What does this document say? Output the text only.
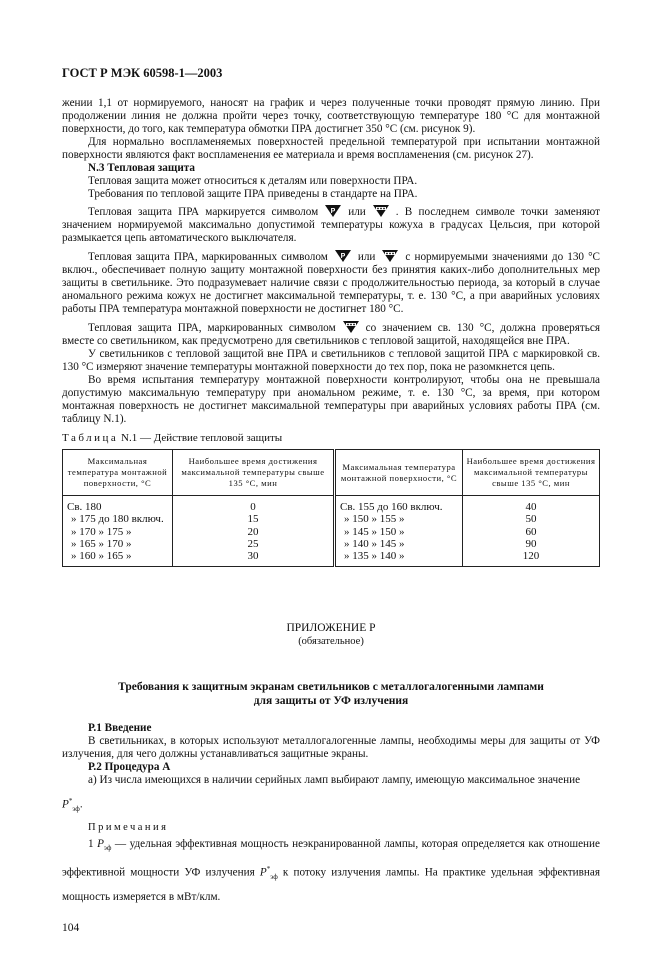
ГОСТ Р МЭК 60598-1—2003

жении 1,1 от нормируемого, наносят на график и через полученные точки проводят прямую линию. При продолжении линия не должна пройти через точку, соответствующую температуре 180 °С для монтажной поверхности, до того, как температура обмотки ПРА достигнет 350 °С (см. рисунок 9).

Для нормально воспламеняемых поверхностей предельной температурой при испытании монтажной поверхности являются факт воспламенения ее материала и время воспламенения (см. рисунок 27).

N.3 Тепловая защита

Тепловая защита может относиться к деталям или поверхности ПРА.

Требования по тепловой защите ПРА приведены в стандарте на ПРА.

Тепловая защита ПРА маркируется символом	или	. В последнем символе точки заменяют значением нормируемой максимально допустимой температуры кожуха в градусах Цельсия, при которой размыкается цепь автоматического выключателя.

Тепловая защита ПРА, маркированных символом	или	с нормируемыми значениями до 130 °С включ., обеспечивает полную защиту монтажной поверхности без принятия каких-либо дополнительных мер защиты в светильнике. Это подразумевает наличие связи с продолжительностью периода, за который в случае аномального режима кожух не достигнет максимальной температуры, т. е. 130 °С, а при аварийных условиях работы ПРА температура монтажной поверхности не достигнет 180 °С.

Тепловая защита ПРА, маркированных символом	со значением св. 130 °С, должна проверяться вместе со светильником, как предусмотрено для светильников с тепловой защитой, находящейся вне ПРА.

У светильников с тепловой защитой вне ПРА и светильников с тепловой защитой ПРА с маркировкой св. 130 °С измеряют значение температуры монтажной поверхности до тех пор, пока не разомкнется цепь.

Во время испытания температуру монтажной поверхности контролируют, чтобы она не превышала допустимую максимальную температуру при аномальном режиме, т. е. 130 °С, за время, при котором монтажная поверхность не достигнет максимальной температуры при аварийных условиях работы ПРА (см. таблицу N.1).

Таблица N.1 — Действие тепловой защиты
Максимальная температура монтажной поверхности, °С	Наибольшее время достижения максимальной температуры свыше 135 °С, мин	Максимальная температура монтажной поверхности, °С	Наибольшее время достижения максимальной температуры свыше 135 °С, мин
Св. 180	0	Св. 155 до 160 включ.	40
» 175 до 180 включ.	15	» 150 » 155 »	50
» 170 » 175 »	20	» 145 » 150 »	60
» 165 » 170 »	25	» 140 » 145 »	90
» 160 » 165 »	30	» 135 » 140 »	120
ПРИЛОЖЕНИЕ Р
(обязательное)
Требования к защитным экранам светильников с металлогалогенными лампами
для защиты от УФ излучения

Р.1 Введение

В светильниках, в которых используют металлогалогенные лампы, необходимы меры для защиты от УФ излучения, для чего должны устанавливаться защитные экраны.

Р.2 Процедура А

а) Из числа имеющихся в наличии серийных ламп выбирают лампу, имеющую максимальное значение

$P^*_{эф}$.

Примечания

1 $P_{эф}$ — удельная эффективная мощность неэкранированной лампы, которая определяется как отношение эффективной мощности УФ излучения $P^*_{эф}$ к потоку излучения лампы. На практике удельная эффективная мощность измеряется в мВт/клм.

104
